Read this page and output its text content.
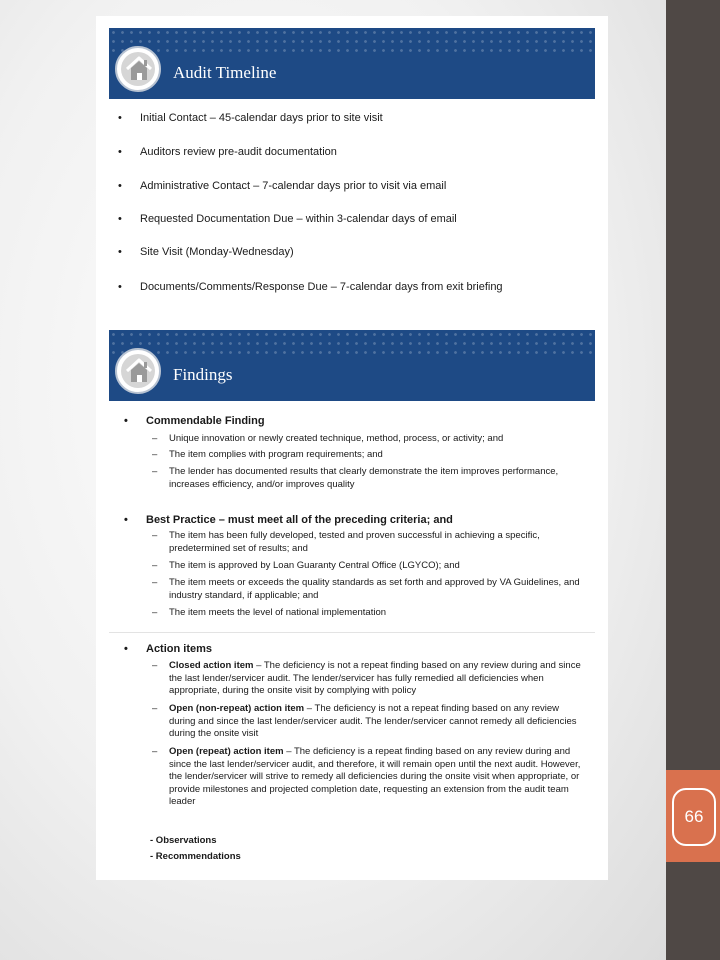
66
Audit Timeline
• Initial Contact – 45-calendar days prior to site visit
• Auditors review pre-audit documentation
• Administrative Contact – 7-calendar days prior to visit via email
• Requested Documentation Due – within 3-calendar days of email
• Site Visit (Monday-Wednesday)
• Documents/Comments/Response Due – 7-calendar days from exit briefing
Findings
• Commendable Finding
– Unique innovation or newly created technique, method, process, or activity; and
– The item complies with program requirements; and
– The lender has documented results that clearly demonstrate the item improves performance, increases efficiency, and/or improves quality
• Best Practice – must meet all of the preceding criteria; and
– The item has been fully developed, tested and proven successful in achieving a specific, predetermined set of results; and
– The item is approved by Loan Guaranty Central Office (LGYCO); and
– The item meets or exceeds the quality standards as set forth and approved by VA Guidelines, and industry standard, if applicable; and
– The item meets the level of national implementation
• Action items
– Closed action item – The deficiency is not a repeat finding based on any review during and since the last lender/servicer audit. The lender/servicer has fully remedied all deficiencies when appropriate, during the onsite visit by complying with policy
– Open (non-repeat) action item – The deficiency is not a repeat finding based on any review during and since the last lender/servicer audit. The lender/servicer cannot remedy all deficiencies during the onsite visit
– Open (repeat) action item – The deficiency is a repeat finding based on any review during and since the last lender/servicer audit, and therefore, it will remain open until the next audit. However, the lender/servicer will strive to remedy all deficiencies during the onsite visit when appropriate, or provide milestones and projected completion date, requesting an extension from the audit team leader
- Observations
- Recommendations
